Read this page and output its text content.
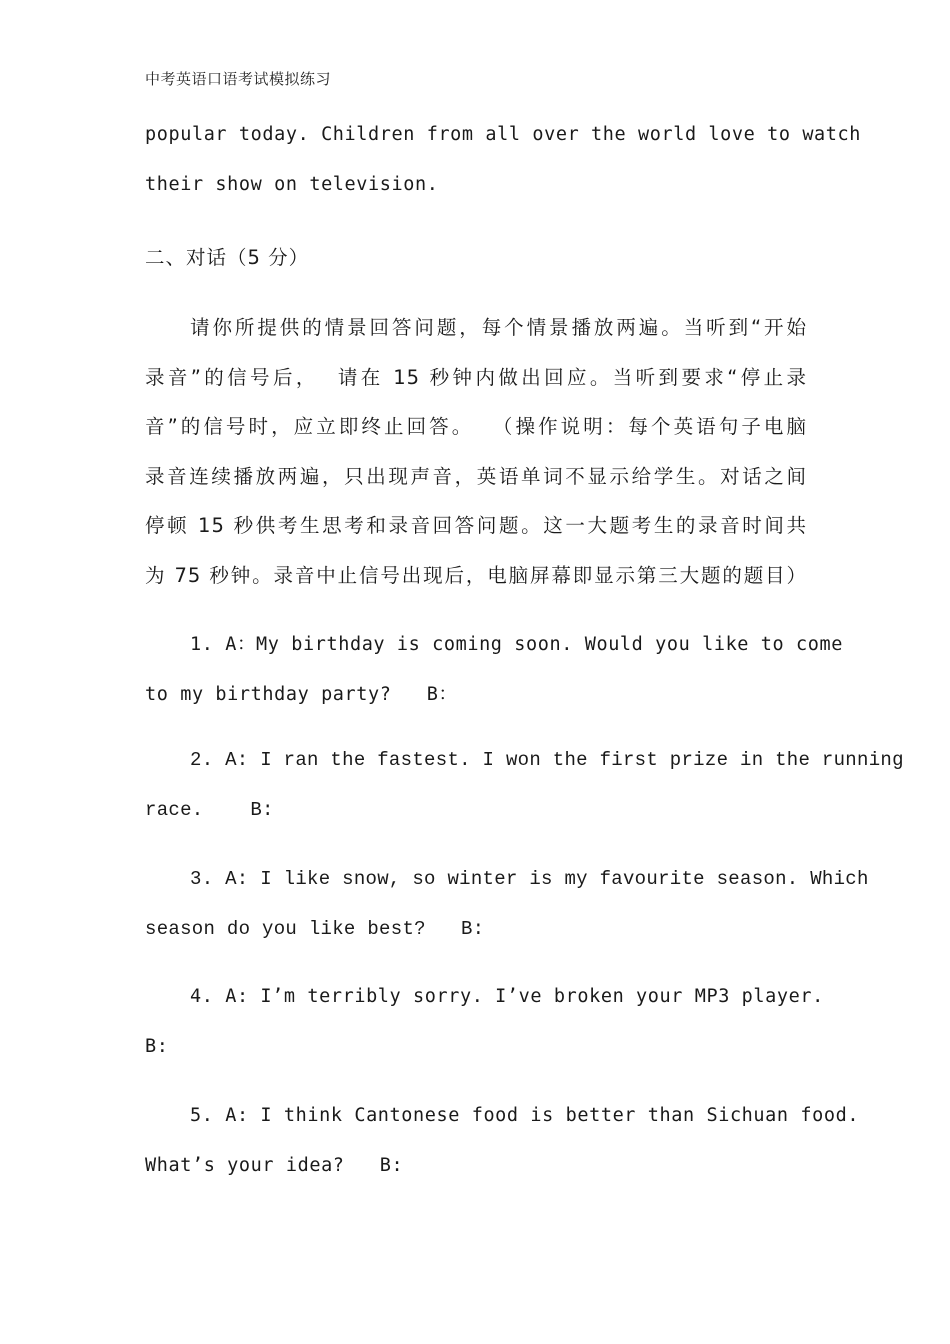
中考英语口语考试模拟练习
popular today. Children from all over the world love to watch
their show on television.
二、对话（5 分）
请你所提供的情景回答问题，每个情景播放两遍。当听到“开始
录音”的信号后，  请在 15 秒钟内做出回应。当听到要求“停止录
音”的信号时，应立即终止回答。  （操作说明：每个英语句子电脑
录音连续播放两遍，只出现声音，英语单词不显示给学生。对话之间
停顿 15 秒供考生思考和录音回答问题。这一大题考生的录音时间共
为 75 秒钟。录音中止信号出现后，电脑屏幕即显示第三大题的题目）
1. A：My birthday is coming soon. Would you like to come
to my birthday party?   B：
2. A: I ran the fastest. I won the first prize in the running
race.    B:
3. A: I like snow, so winter is my favourite season. Which
season do you like best?   B:
4. A: I’m terribly sorry. I’ve broken your MP3 player.
B:
5. A: I think Cantonese food is better than Sichuan food.
What’s your idea?   B:
